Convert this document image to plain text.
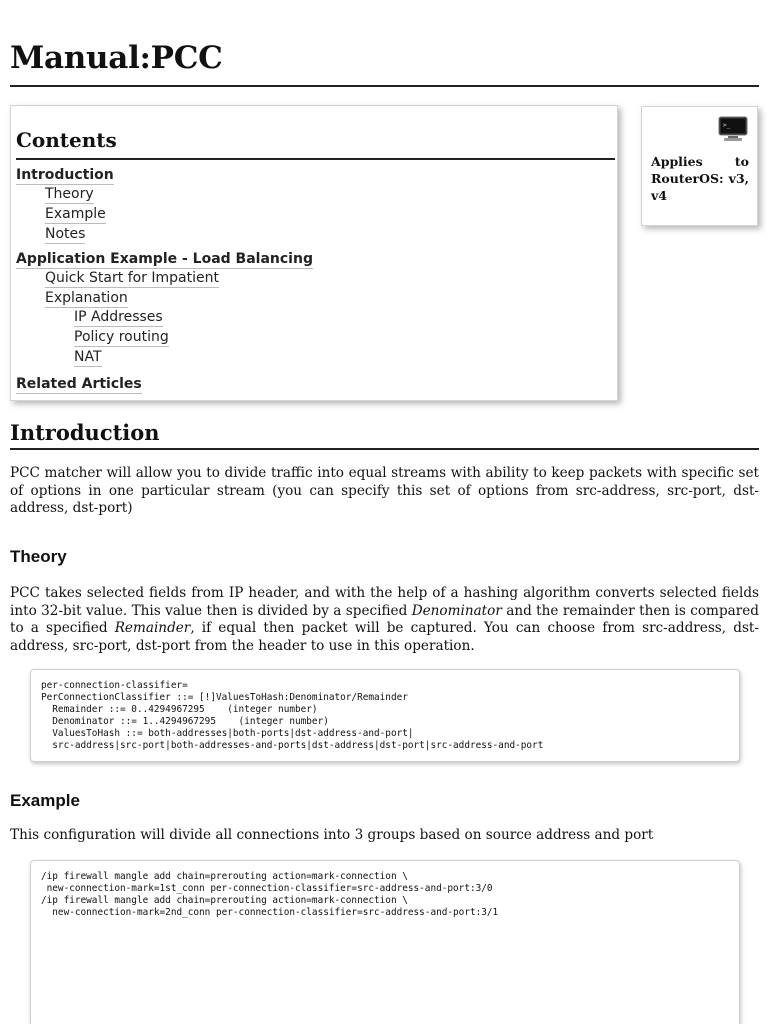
Manual:PCC
Contents
Introduction
Theory
Example
Notes
Application Example - Load Balancing
Quick Start for Impatient
Explanation
IP Addresses
Policy routing
NAT
Related Articles
>_

Applies to RouterOS: v3, v4

Introduction

PCC matcher will allow you to divide traffic into equal streams with ability to keep packets with specific set of options in one particular stream (you can specify this set of options from src-address, src-port, dst-address, dst-port)

Theory

PCC takes selected fields from IP header, and with the help of a hashing algorithm converts selected fields into 32-bit value. This value then is divided by a specified Denominator and the remainder then is compared to a specified Remainder, if equal then packet will be captured. You can choose from src-address, dst-address, src-port, dst-port from the header to use in this operation.

per-connection-classifier=
PerConnectionClassifier ::= [!]ValuesToHash:Denominator/Remainder
Remainder ::= 0..4294967295    (integer number)
Denominator ::= 1..4294967295    (integer number)
ValuesToHash ::= both-addresses|both-ports|dst-address-and-port|
src-address|src-port|both-addresses-and-ports|dst-address|dst-port|src-address-and-port
Example

This configuration will divide all connections into 3 groups based on source address and port

/ip firewall mangle add chain=prerouting action=mark-connection \
new-connection-mark=1st_conn per-connection-classifier=src-address-and-port:3/0
/ip firewall mangle add chain=prerouting action=mark-connection \
new-connection-mark=2nd_conn per-connection-classifier=src-address-and-port:3/1
